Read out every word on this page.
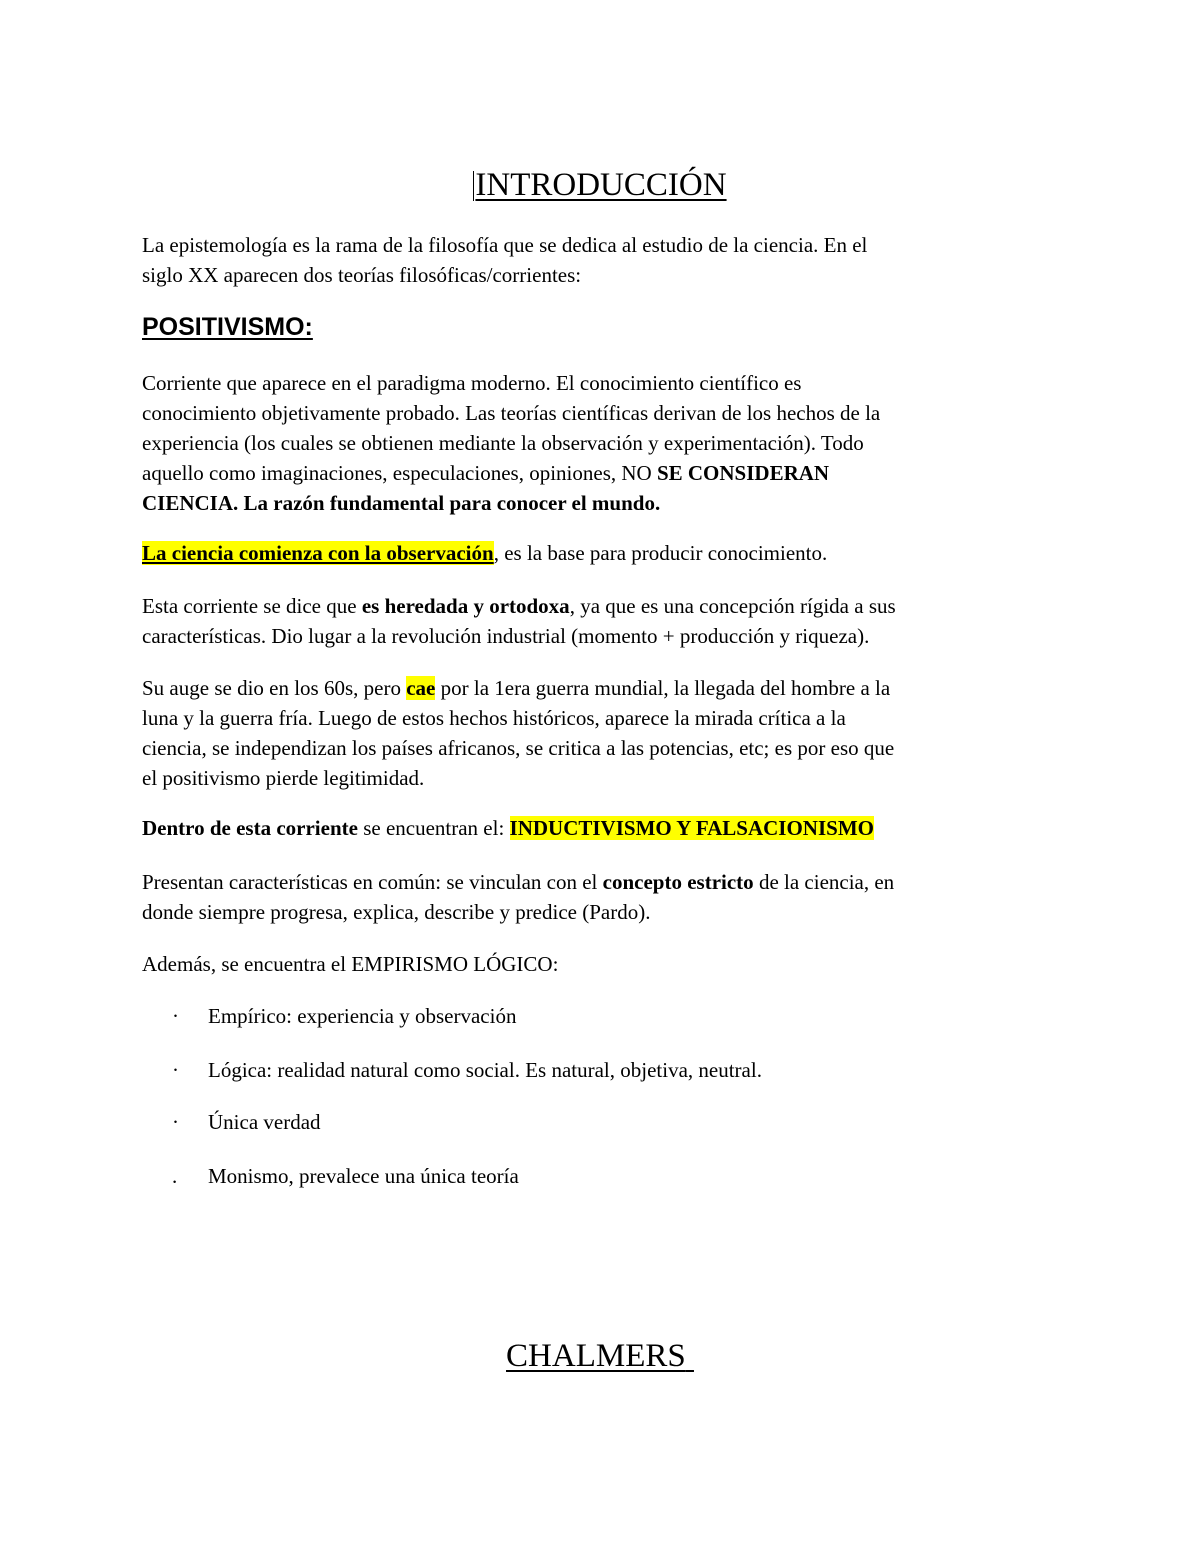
INTRODUCCIÓN
La epistemología es la rama de la filosofía que se dedica al estudio de la ciencia. En el
siglo XX aparecen dos teorías filosóficas/corrientes:
POSITIVISMO:
Corriente que aparece en el paradigma moderno. El conocimiento científico es
conocimiento objetivamente probado. Las teorías científicas derivan de los hechos de la
experiencia (los cuales se obtienen mediante la observación y experimentación). Todo
aquello como imaginaciones, especulaciones, opiniones, NO SE CONSIDERAN
CIENCIA. La razón fundamental para conocer el mundo.
La ciencia comienza con la observación, es la base para producir conocimiento.
Esta corriente se dice que es heredada y ortodoxa, ya que es una concepción rígida a sus
características. Dio lugar a la revolución industrial (momento + producción y riqueza).
Su auge se dio en los 60s, pero cae por la 1era guerra mundial, la llegada del hombre a la
luna y la guerra fría. Luego de estos hechos históricos, aparece la mirada crítica a la
ciencia, se independizan los países africanos, se critica a las potencias, etc; es por eso que
el positivismo pierde legitimidad.
Dentro de esta corriente se encuentran el: INDUCTIVISMO Y FALSACIONISMO
Presentan características en común: se vinculan con el concepto estricto de la ciencia, en
donde siempre progresa, explica, describe y predice (Pardo).
Además, se encuentra el EMPIRISMO LÓGICO:
· Empírico: experiencia y observación
· Lógica: realidad natural como social. Es natural, objetiva, neutral.
· Única verdad
. Monismo, prevalece una única teoría
CHALMERS
